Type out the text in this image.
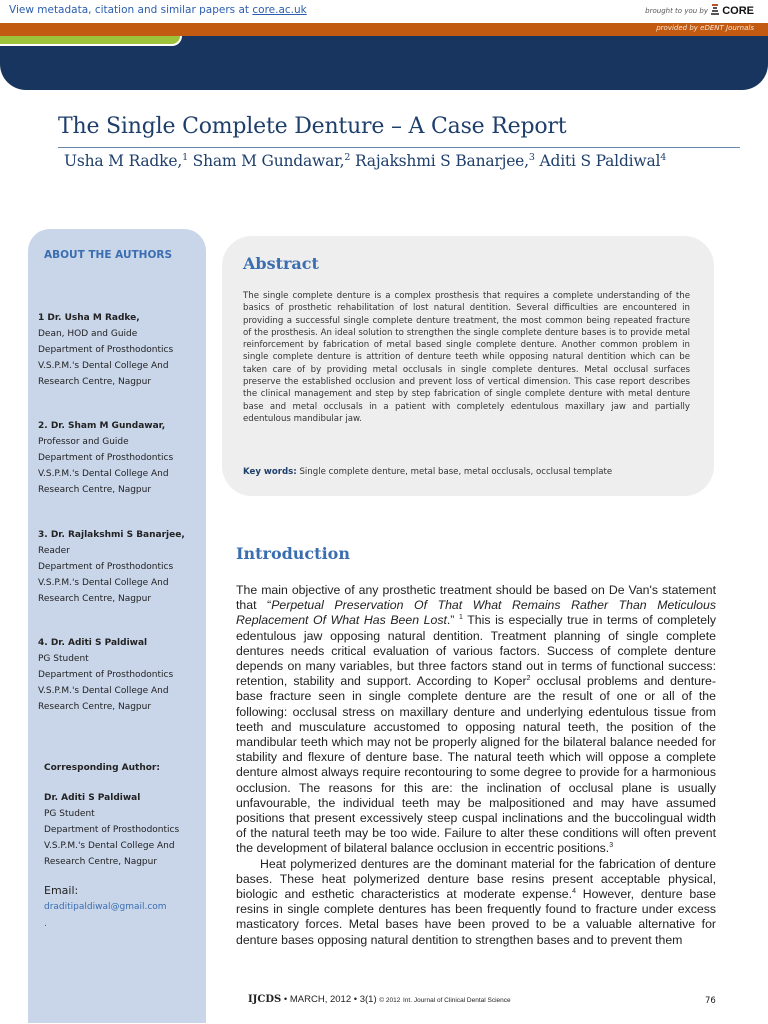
View metadata, citation and similar papers at core.ac.uk	brought to you by	CORE
provided by eDENT Journals
The Single Complete Denture – A Case Report
Usha M Radke,$^1$ Sham M Gundawar,$^2$ Rajakshmi S Banarjee,$^3$ Aditi S Paldiwal$^4$
ABOUT THE AUTHORS
1 Dr. Usha M Radke,
Dean, HOD and Guide
Department of Prosthodontics
V.S.P.M.'s Dental College And
Research Centre, Nagpur
2. Dr. Sham M Gundawar,
Professor and Guide
Department of Prosthodontics
V.S.P.M.'s Dental College And
Research Centre, Nagpur
3. Dr. Rajlakshmi S Banarjee,
Reader
Department of Prosthodontics
V.S.P.M.'s Dental College And
Research Centre, Nagpur
4. Dr. Aditi S Paldiwal
PG Student
Department of Prosthodontics
V.S.P.M.'s Dental College And
Research Centre, Nagpur
Corresponding Author:
Dr. Aditi S Paldiwal
PG Student
Department of Prosthodontics
V.S.P.M.'s Dental College And
Research Centre, Nagpur
Email:
draditipaldiwal@gmail.com
.
Abstract
The single complete denture is a complex prosthesis that requires a complete understanding of the basics of prosthetic rehabilitation of lost natural dentition. Several difficulties are encountered in providing a successful single complete denture treatment, the most common being repeated fracture of the prosthesis. An ideal solution to strengthen the single complete denture bases is to provide metal reinforcement by fabrication of metal based single complete denture. Another common problem in single complete denture is attrition of denture teeth while opposing natural dentition which can be taken care of by providing metal occlusals in single complete dentures. Metal occlusal surfaces preserve the established occlusion and prevent loss of vertical dimension. This case report describes the clinical management and step by step fabrication of single complete denture with metal denture base and metal occlusals in a patient with completely edentulous maxillary jaw and partially edentulous mandibular jaw.
Key words: Single complete denture, metal base, metal occlusals, occlusal template
Introduction

The main objective of any prosthetic treatment should be based on De Van's statement that “Perpetual Preservation Of That What Remains Rather Than Meticulous Replacement Of What Has Been Lost.” $^1$ This is especially true in terms of completely edentulous jaw opposing natural dentition. Treatment planning of single complete dentures needs critical evaluation of various factors. Success of complete denture depends on many variables, but three factors stand out in terms of functional success: retention, stability and support. According to Koper$^2$ occlusal problems and denture-base fracture seen in single complete denture are the result of one or all of the following: occlusal stress on maxillary denture and underlying edentulous tissue from teeth and musculature accustomed to opposing natural teeth, the position of the mandibular teeth which may not be properly aligned for the bilateral balance needed for stability and flexure of denture base. The natural teeth which will oppose a complete denture almost always require recontouring to some degree to provide for a harmonious occlusion. The reasons for this are: the inclination of occlusal plane is usually unfavourable, the individual teeth may be malpositioned and may have assumed positions that present excessively steep cuspal inclinations and the buccolingual width of the natural teeth may be too wide. Failure to alter these conditions will often prevent the development of bilateral balance occlusion in eccentric positions.$^3$

Heat polymerized dentures are the dominant material for the fabrication of denture bases. These heat polymerized denture base resins present acceptable physical, biologic and esthetic characteristics at moderate expense.$^4$ However, denture base resins in single complete dentures has been frequently found to fracture under excess masticatory forces. Metal bases have been proved to be a valuable alternative for denture bases opposing natural dentition to strengthen bases and to prevent them

IJCDS • MARCH, 2012 • 3(1) © 2012 Int. Journal of Clinical Dental Science	76
